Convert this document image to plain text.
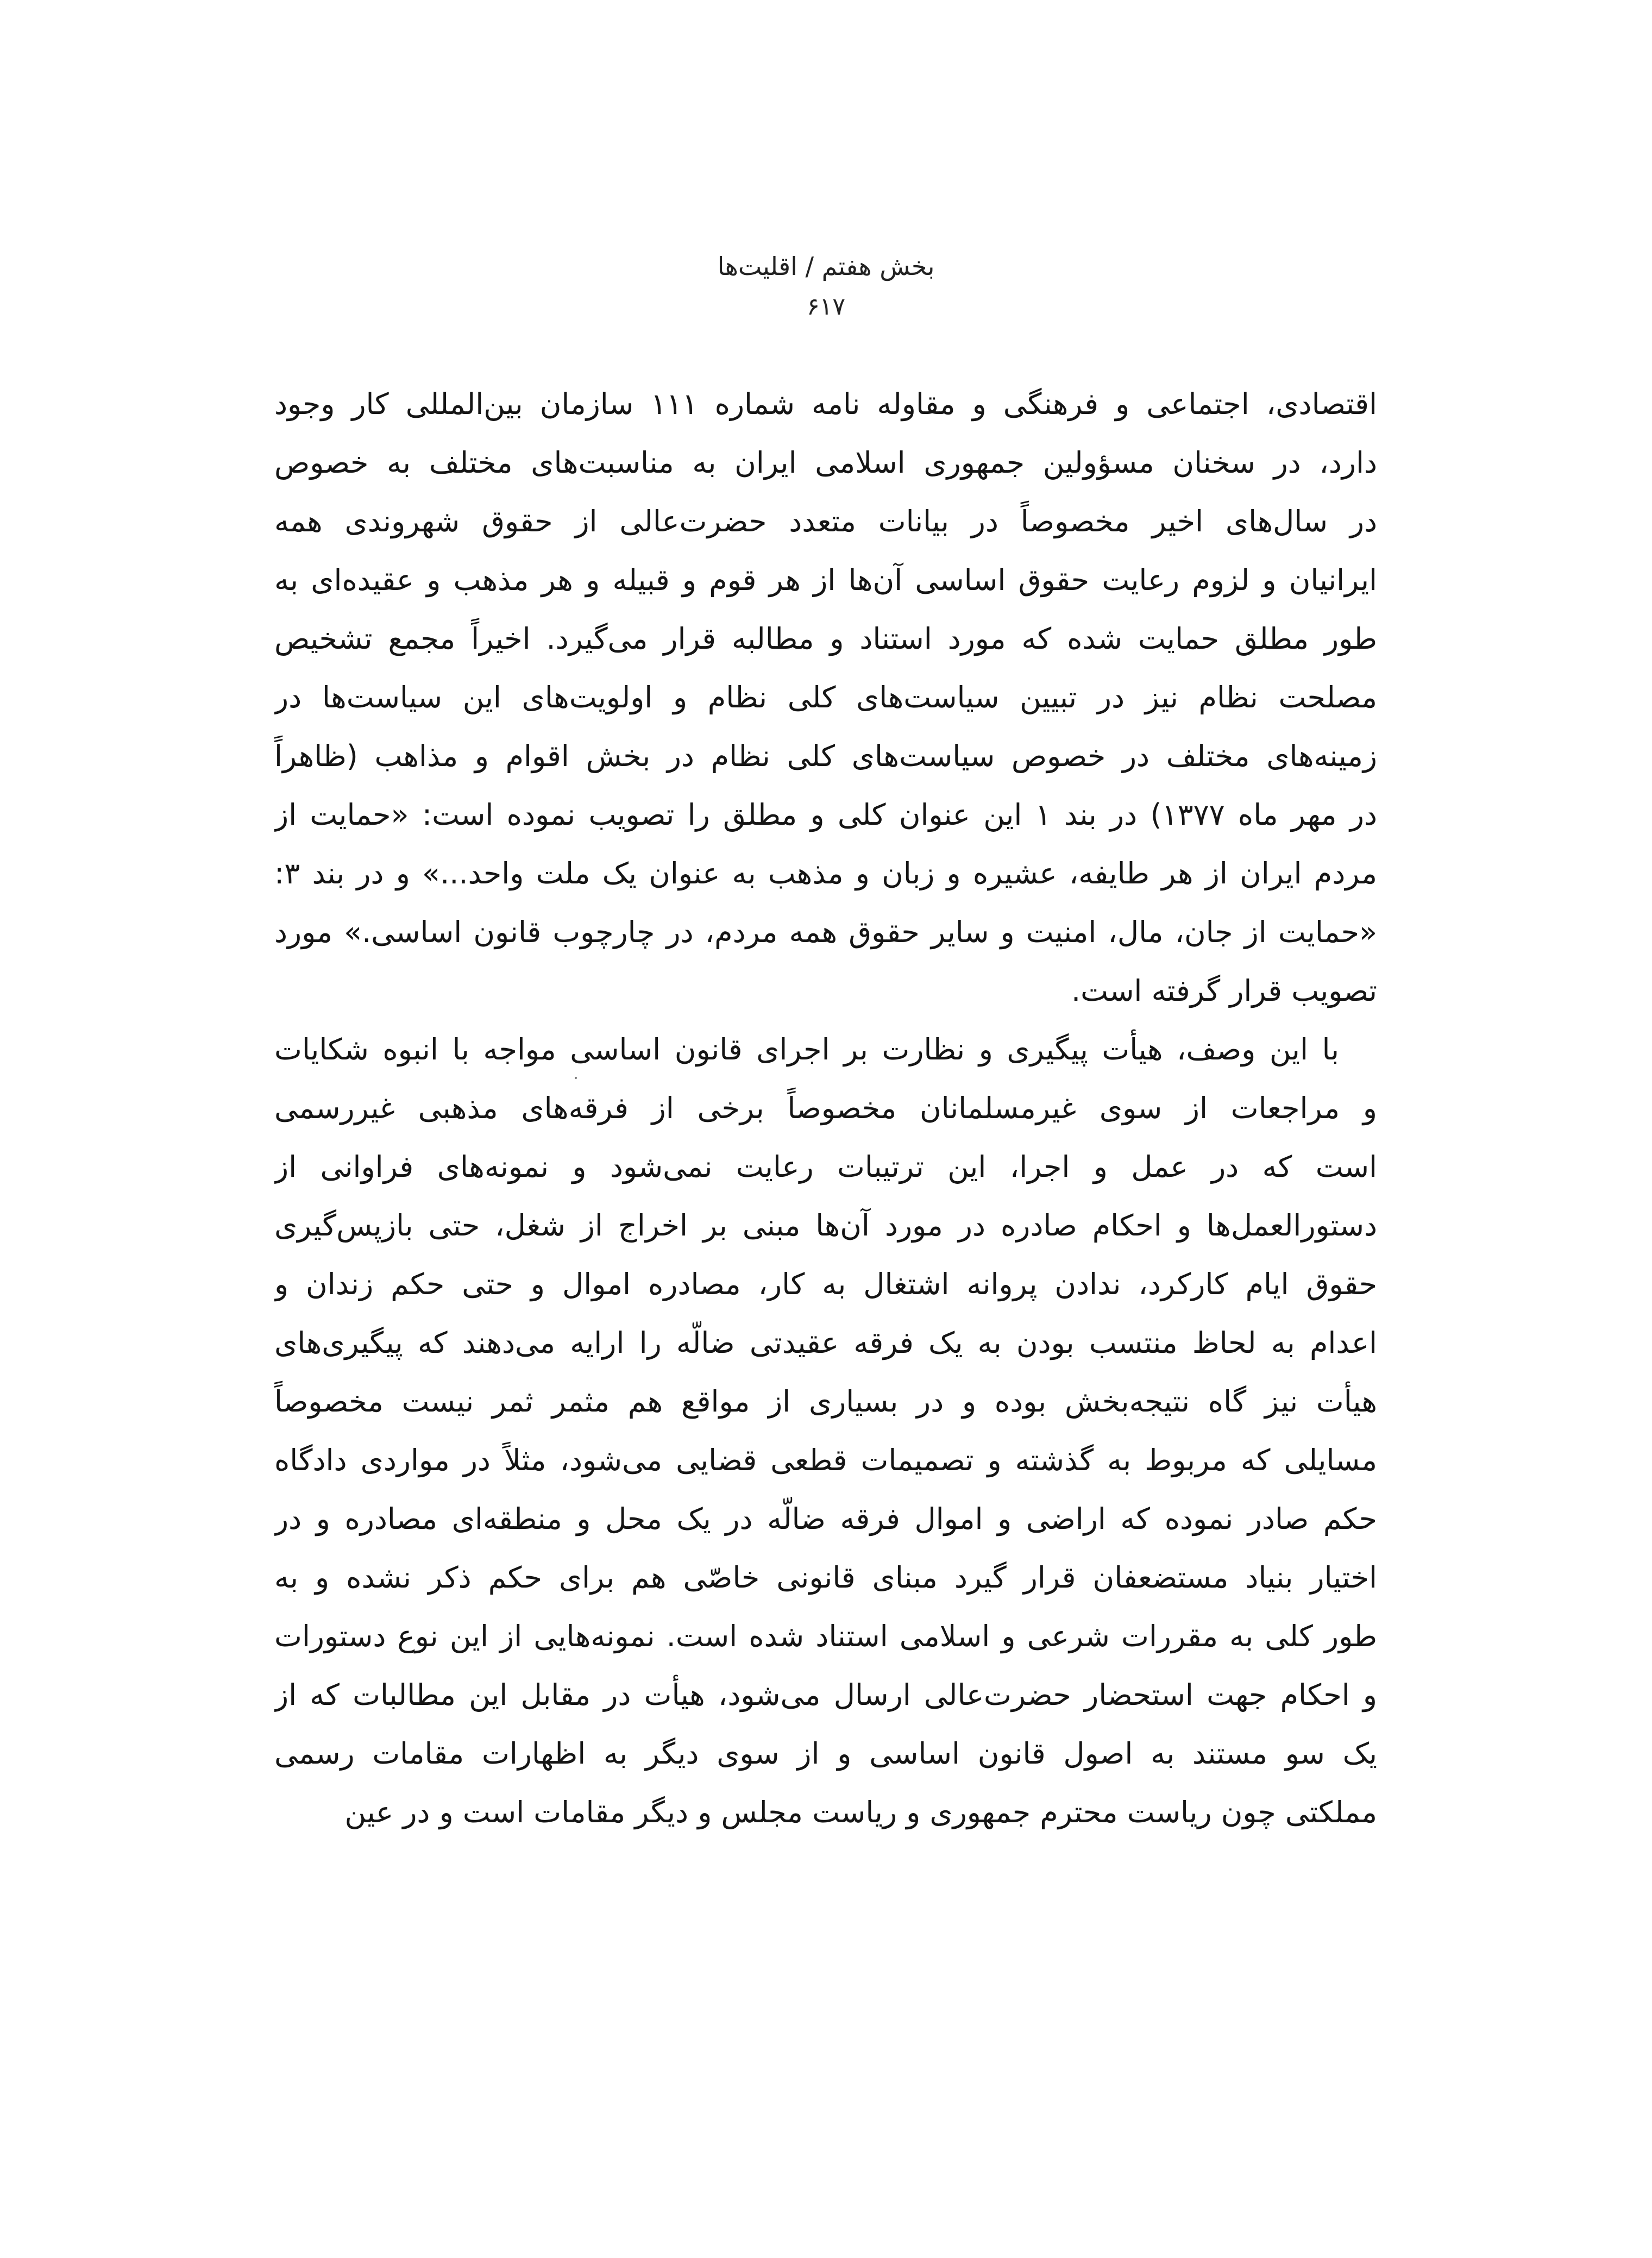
بخش هفتم / اقلیت‌ها
۶۱۷
اقتصادی، اجتماعی و فرهنگی و مقاوله نامه شماره ۱۱۱ سازمان بین‌المللی کار وجود
دارد، در سخنان مسؤولین جمهوری اسلامی ایران به مناسبت‌های مختلف به خصوص
در سال‌های اخیر مخصوصاً در بیانات متعدد حضرت‌عالی از حقوق شهروندی همه
ایرانیان و لزوم رعایت حقوق اساسی آن‌ها از هر قوم و قبیله و هر مذهب و عقیده‌ای به
طور مطلق حمایت شده که مورد استناد و مطالبه قرار می‌گیرد. اخیراً مجمع تشخیص
مصلحت نظام نیز در تبیین سیاست‌های کلی نظام و اولویت‌های این سیاست‌ها در
زمینه‌های مختلف در خصوص سیاست‌های کلی نظام در بخش اقوام و مذاهب (ظاهراً
در مهر ماه ۱۳۷۷) در بند ۱ این عنوان کلی و مطلق را تصویب نموده است: «حمایت از
مردم ایران از هر طایفه، عشیره و زبان و مذهب به عنوان یک ملت واحد...» و در بند ۳:
«حمایت از جان، مال، امنیت و سایر حقوق همه مردم، در چارچوب قانون اساسی.» مورد
تصویب قرار گرفته است.
با این وصف، هیأت پیگیری و نظارت بر اجرای قانون اساسی مواجه با انبوه شکایات
و مراجعات از سوی غیرمسلمانان مخصوصاً برخی از فرقه‌های مذهبی غیررسمی
است که در عمل و اجرا، این ترتیبات رعایت نمی‌شود و نمونه‌های فراوانی از
دستورالعمل‌ها و احکام صادره در مورد آن‌ها مبنی بر اخراج از شغل، حتی بازپس‌گیری
حقوق ایام کارکرد، ندادن پروانه اشتغال به کار، مصادره اموال و حتی حکم زندان و
اعدام به لحاظ منتسب بودن به یک فرقه عقیدتی ضالّه را ارایه می‌دهند که پیگیری‌های
هیأت نیز گاه نتیجه‌بخش بوده و در بسیاری از مواقع هم مثمر ثمر نیست مخصوصاً
مسایلی که مربوط به گذشته و تصمیمات قطعی قضایی می‌شود، مثلاً در مواردی دادگاه
حکم صادر نموده که اراضی و اموال فرقه ضالّه در یک محل و منطقه‌ای مصادره و در
اختیار بنیاد مستضعفان قرار گیرد مبنای قانونی خاصّی هم برای حکم ذکر نشده و به
طور کلی به مقررات شرعی و اسلامی استناد شده است. نمونه‌هایی از این نوع دستورات
و احکام جهت استحضار حضرت‌عالی ارسال می‌شود، هیأت در مقابل این مطالبات که از
یک سو مستند به اصول قانون اساسی و از سوی دیگر به اظهارات مقامات رسمی
مملکتی چون ریاست محترم جمهوری و ریاست مجلس و دیگر مقامات است و در عین
